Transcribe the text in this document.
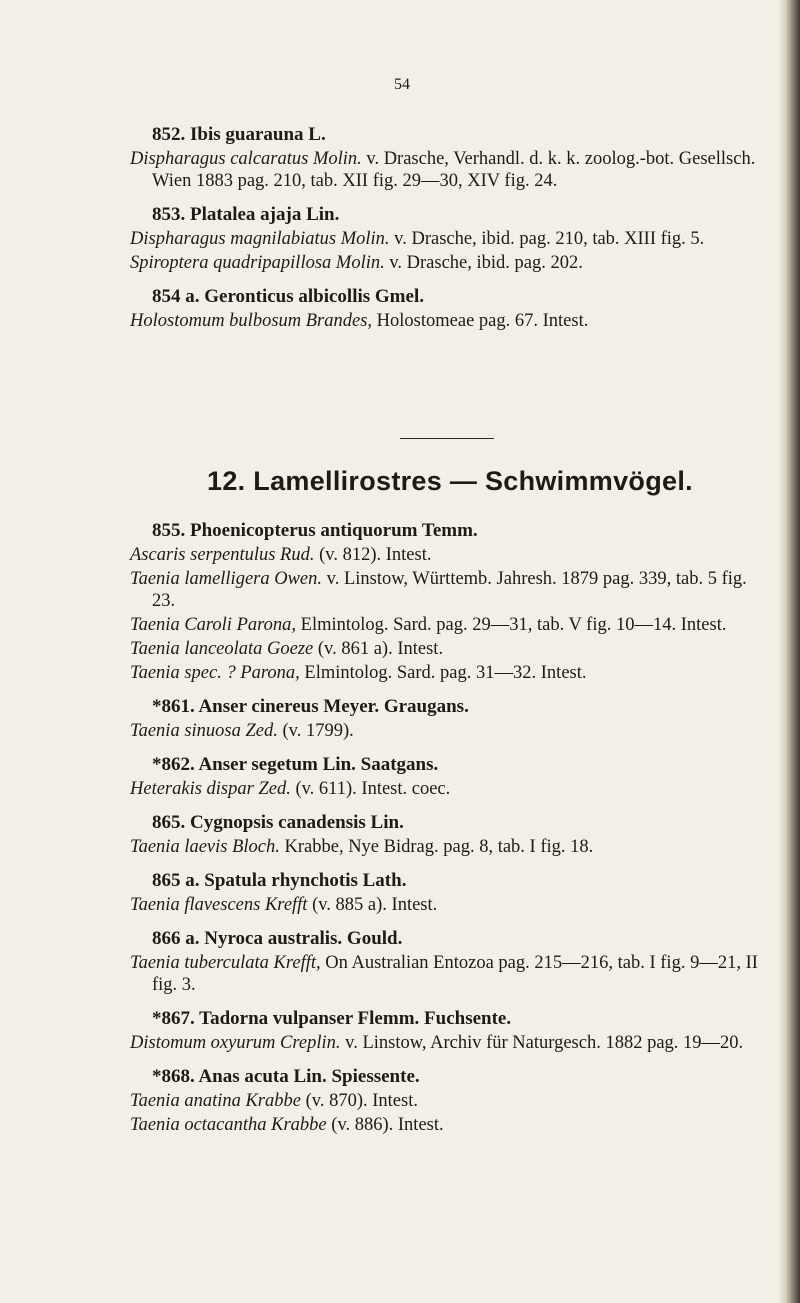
54
852. Ibis guarauna L.
Dispharagus calcaratus Molin. v. Drasche, Verhandl. d. k. k. zoolog.-bot. Gesellsch. Wien 1883 pag. 210, tab. XII fig. 29—30, XIV fig. 24.
853. Platalea ajaja Lin.
Dispharagus magnilabiatus Molin. v. Drasche, ibid. pag. 210, tab. XIII fig. 5.
Spiroptera quadripapillosa Molin. v. Drasche, ibid. pag. 202.
854 a. Geronticus albicollis Gmel.
Holostomum bulbosum Brandes, Holostomeae pag. 67. Intest.
12. Lamellirostres — Schwimmvögel.
855. Phoenicopterus antiquorum Temm.
Ascaris serpentulus Rud. (v. 812). Intest.
Taenia lamelligera Owen. v. Linstow, Württemb. Jahresh. 1879 pag. 339, tab. 5 fig. 23.
Taenia Caroli Parona, Elmintolog. Sard. pag. 29—31, tab. V fig. 10—14. Intest.
Taenia lanceolata Goeze (v. 861 a). Intest.
Taenia spec. ? Parona, Elmintolog. Sard. pag. 31—32. Intest.
*861. Anser cinereus Meyer. Graugans.
Taenia sinuosa Zed. (v. 1799).
*862. Anser segetum Lin. Saatgans.
Heterakis dispar Zed. (v. 611). Intest. coec.
865. Cygnopsis canadensis Lin.
Taenia laevis Bloch. Krabbe, Nye Bidrag. pag. 8, tab. I fig. 18.
865 a. Spatula rhynchotis Lath.
Taenia flavescens Krefft (v. 885 a). Intest.
866 a. Nyroca australis. Gould.
Taenia tuberculata Krefft, On Australian Entozoa pag. 215—216, tab. I fig. 9—21, II fig. 3.
*867. Tadorna vulpanser Flemm. Fuchsente.
Distomum oxyurum Creplin. v. Linstow, Archiv für Naturgesch. 1882 pag. 19—20.
*868. Anas acuta Lin. Spiessente.
Taenia anatina Krabbe (v. 870). Intest.
Taenia octacantha Krabbe (v. 886). Intest.
